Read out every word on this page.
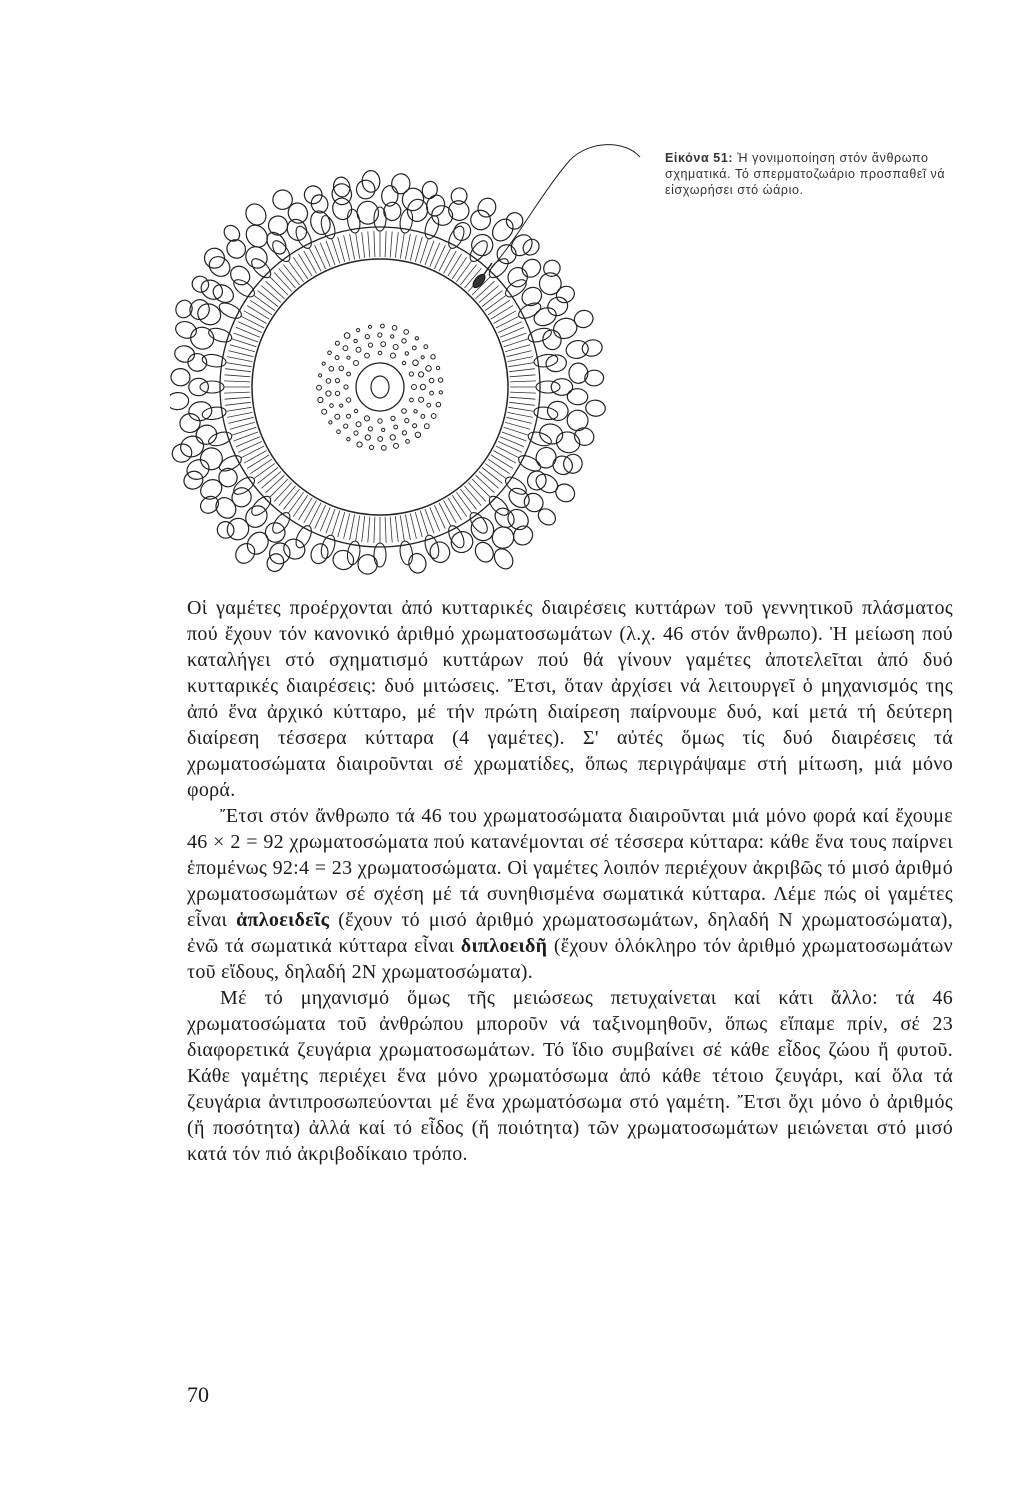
Εἰκόνα 51: Ἡ γονιμοποίηση στόν ἄνθρωπο σχηματικά. Τό σπερματοζωάριο προσπαθεῖ νά εἰσχωρήσει στό ὠάριο.

Οἱ γαμέτες προέρχονται ἀπό κυτταρικές διαιρέσεις κυττάρων τοῦ γεννητικοῦ πλάσματος πού ἔχουν τόν κανονικό ἀριθμό χρωματοσωμάτων (λ.χ. 46 στόν ἄνθρωπο). Ἡ μείωση πού καταλήγει στό σχηματισμό κυττάρων πού θά γίνουν γαμέτες ἀποτελεῖται ἀπό δυό κυτταρικές διαιρέσεις: δυό μιτώσεις. Ἔτσι, ὅταν ἀρχίσει νά λειτουργεῖ ὁ μηχανισμός της ἀπό ἕνα ἀρχικό κύτταρο, μέ τήν πρώτη διαίρεση παίρνουμε δυό, καί μετά τή δεύτερη διαίρεση τέσσερα κύτταρα (4 γαμέτες). Σ' αὐτές ὅμως τίς δυό διαιρέσεις τά χρωματοσώματα διαιροῦνται σέ χρωματίδες, ὅπως περιγράψαμε στή μίτωση, μιά μόνο φορά.

Ἔτσι στόν ἄνθρωπο τά 46 του χρωματοσώματα διαιροῦνται μιά μόνο φορά καί ἔχουμε 46 × 2 = 92 χρωματοσώματα πού κατανέμονται σέ τέσσερα κύτταρα: κάθε ἕνα τους παίρνει ἑπομένως 92:4 = 23 χρωματοσώματα. Οἱ γαμέτες λοιπόν περιέχουν ἀκριβῶς τό μισό ἀριθμό χρωματοσωμάτων σέ σχέση μέ τά συνηθισμένα σωματικά κύτταρα. Λέμε πώς οἱ γαμέτες εἶναι ἁπλοειδεῖς (ἔχουν τό μισό ἀριθμό χρωματοσωμάτων, δηλαδή Ν χρωματοσώματα), ἐνῶ τά σωματικά κύτταρα εἶναι διπλοειδῆ (ἔχουν ὁλόκληρο τόν ἀριθμό χρωματοσωμάτων τοῦ εἴδους, δηλαδή 2Ν χρωματοσώματα).

Μέ τό μηχανισμό ὅμως τῆς μειώσεως πετυχαίνεται καί κάτι ἄλλο: τά 46 χρωματοσώματα τοῦ ἀνθρώπου μποροῦν νά ταξινομηθοῦν, ὅπως εἴπαμε πρίν, σέ 23 διαφορετικά ζευγάρια χρωματοσωμάτων. Τό ἴδιο συμβαίνει σέ κάθε εἶδος ζώου ἤ φυτοῦ. Κάθε γαμέτης περιέχει ἕνα μόνο χρωματόσωμα ἀπό κάθε τέτοιο ζευγάρι, καί ὅλα τά ζευγάρια ἀντιπροσωπεύονται μέ ἕνα χρωματόσωμα στό γαμέτη. Ἔτσι ὄχι μόνο ὁ ἀριθμός (ἤ ποσότητα) ἀλλά καί τό εἶδος (ἤ ποιότητα) τῶν χρωματοσωμάτων μειώνεται στό μισό κατά τόν πιό ἀκριβοδίκαιο τρόπο.

70
